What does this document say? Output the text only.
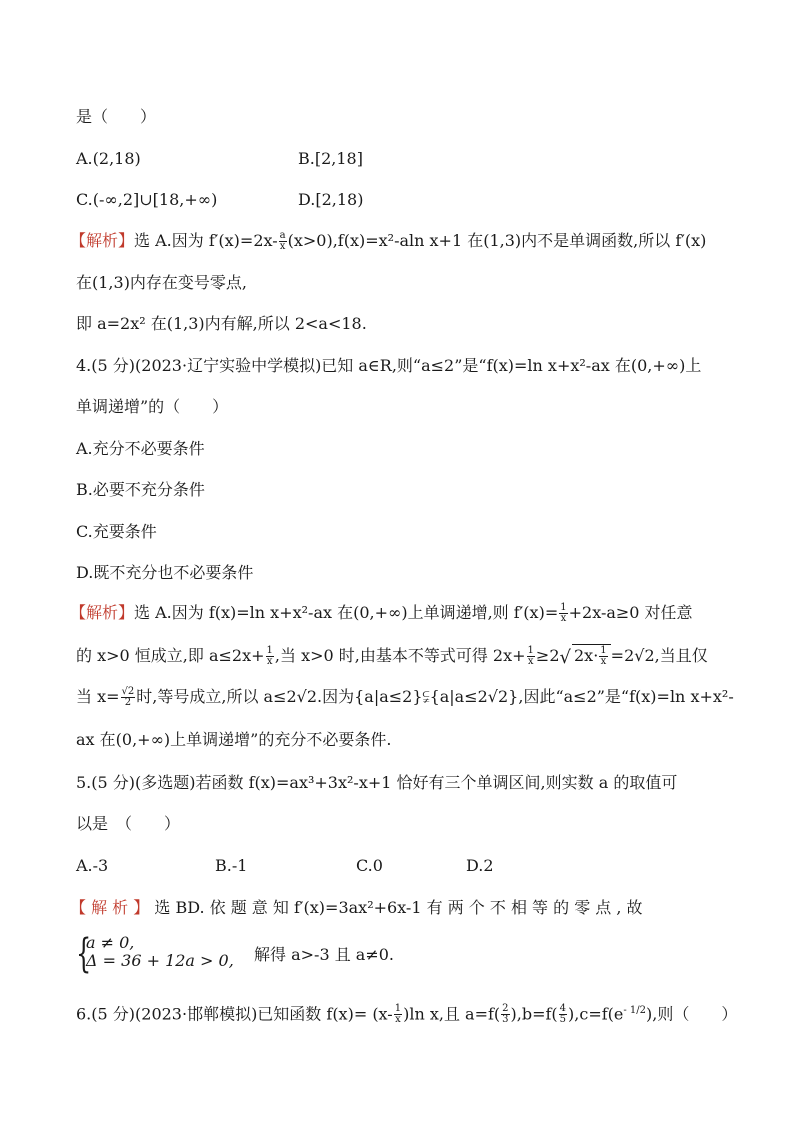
是（　　）
A.(2,18)	B.[2,18]
C.(-∞,2]∪[18,+∞)	D.[2,18)
【解析】选 A.因为 $f'(x)=2x- \frac{a}{x} (x>0),f(x)=x^2-aln$ x+1 在(1,3)内不是单调函数,所以 f′(x)
在(1,3)内存在变号零点,
即 a=2x² 在(1,3)内有解,所以 2<a<18.
4.(5 分)(2023·辽宁实验中学模拟)已知 a∈R,则“a≤2”是“f(x)=ln x+x²-ax 在(0,+∞)上
单调递增”的（　　）
A.充分不必要条件
B.必要不充分条件
C.充要条件
D.既不充分也不必要条件
【解析】选 A.因为 f(x)=ln x+x²-ax 在(0,+∞)上单调递增,则 $f'(x)= \frac{1}{x} +2x-a\ge 0$ 对任意
的 x>0 恒成立,即 $a\le 2x+ \frac{1}{x}$ ,当 x>0 时,由基本不等式可得 $2x+ \frac{1}{x} \ge 2√$ $2x\cdot \frac{1}{x} =2√2$,当且仅
当 $x= \frac{√2}{2}$ 时,等号成立,所以 a≤2√2.因为{a|a≤2}⫋{a|a≤2√2},因此“a≤2”是“f(x)=ln x+x²-
ax 在(0,+∞)上单调递增”的充分不必要条件.
5.(5 分)(多选题)若函数 f(x)=ax³+3x²-x+1 恰好有三个单调区间,则实数 a 的取值可
以是　（　　）
A.-3	B.-1	C.0	D.2
【 解 析 】 选 BD. 依 题 意 知 f′(x)=3ax²+6x-1 有 两 个 不 相 等 的 零 点 , 故
{
a ≠ 0,
Δ = 36 + 12a > 0, 解得 a>-3 且 a≠0.
6.(5 分)(2023·邯郸模拟)已知函数 $f(x)= (x- \frac{1}{x} )\ln$ x,且 $a=f( \frac{2}{3} ),b=f( \frac{4}{5} ),c=f(e^{- 1/2})$,则（　　）
